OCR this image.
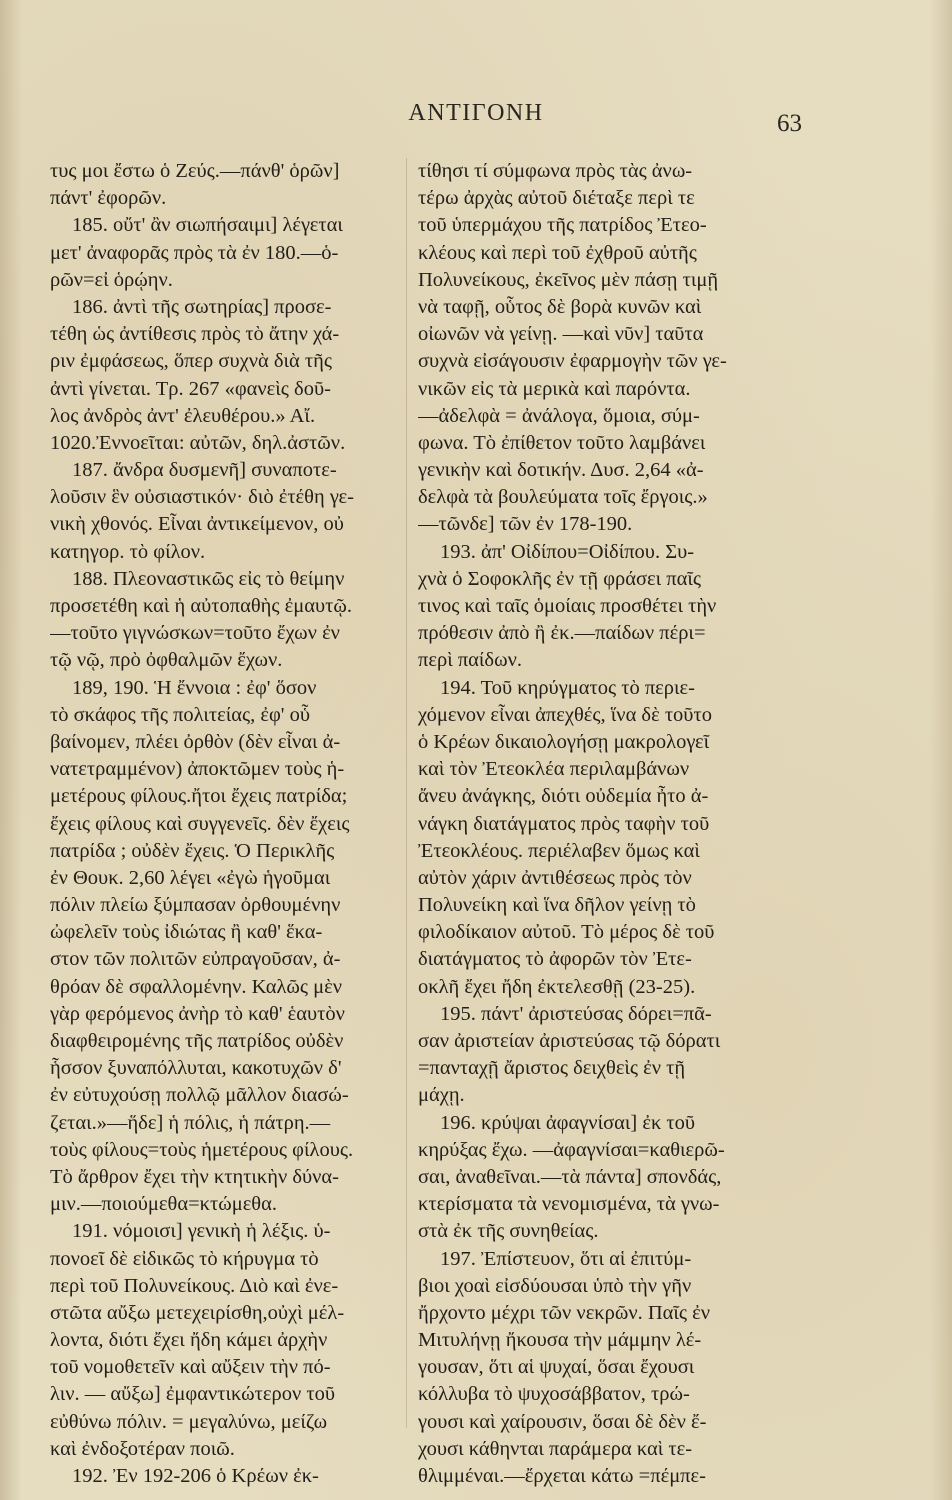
ΑΝΤΙΓΟΝΗ	63
τυς μοι ἔστω ὁ Ζεύς.—πάνθ' ὁρῶν]
πάντ' ἐφορῶν.
185. οὔτ' ἂν σιωπήσαιμι] λέγεται
μετ' ἀναφορᾶς πρὸς τὰ ἐν 180.—ὁ-
ρῶν=εἰ ὁρῴην.
186. ἀντὶ τῆς σωτηρίας] προσε-
τέθη ὡς ἀντίθεσις πρὸς τὸ ἄτην χά-
ριν ἐμφάσεως, ὅπερ συχνὰ διὰ τῆς
ἀντὶ γίνεται. Τρ. 267 «φανεὶς δοῦ-
λος ἀνδρὸς ἀντ' ἐλευθέρου.» Αἴ.
1020.Ἐννοεῖται: αὐτῶν, δηλ.ἀστῶν.
187. ἄνδρα δυσμενῆ] συναποτε-
λοῦσιν ἓν οὐσιαστικόν· διὸ ἐτέθη γε-
νικὴ χθονός. Εἶναι ἀντικείμενον, οὐ
κατηγορ. τὸ φίλον.
188. Πλεοναστικῶς εἰς τὸ θείμην
προσετέθη καὶ ἡ αὐτοπαθὴς ἐμαυτῷ.
—τοῦτο γιγνώσκων=τοῦτο ἔχων ἐν
τῷ νῷ, πρὸ ὀφθαλμῶν ἔχων.
189, 190. Ἡ ἔννοια : ἐφ' ὅσον
τὸ σκάφος τῆς πολιτείας, ἐφ' οὗ
βαίνομεν, πλέει ὀρθὸν (δὲν εἶναι ἀ-
νατετραμμένον) ἀποκτῶμεν τοὺς ἡ-
μετέρους φίλους.ἤτοι ἔχεις πατρίδα;
ἔχεις φίλους καὶ συγγενεῖς. δὲν ἔχεις
πατρίδα ; οὐδὲν ἔχεις. Ὁ Περικλῆς
ἐν Θουκ. 2,60 λέγει «ἐγὼ ἡγοῦμαι
πόλιν πλείω ξύμπασαν ὀρθουμένην
ὠφελεῖν τοὺς ἰδιώτας ἢ καθ' ἕκα-
στον τῶν πολιτῶν εὐπραγοῦσαν, ἀ-
θρόαν δὲ σφαλλομένην. Καλῶς μὲν
γὰρ φερόμενος ἀνὴρ τὸ καθ' ἑαυτὸν
διαφθειρομένης τῆς πατρίδος οὐδὲν
ἧσσον ξυναπόλλυται, κακοτυχῶν δ'
ἐν εὐτυχούσῃ πολλῷ μᾶλλον διασώ-
ζεται.»—ἥδε] ἡ πόλις, ἡ πάτρη.—
τοὺς φίλους=τοὺς ἡμετέρους φίλους.
Τὸ ἄρθρον ἔχει τὴν κτητικὴν δύνα-
μιν.—ποιούμεθα=κτώμεθα.
191. νόμοισι] γενικὴ ἡ λέξις. ὑ-
πονοεῖ δὲ εἰδικῶς τὸ κήρυγμα τὸ
περὶ τοῦ Πολυνείκους. Διὸ καὶ ἐνε-
στῶτα αὔξω μετεχειρίσθη,οὐχὶ μέλ-
λοντα, διότι ἔχει ἤδη κάμει ἀρχὴν
τοῦ νομοθετεῖν καὶ αὔξειν τὴν πό-
λιν. — αὔξω] ἐμφαντικώτερον τοῦ
εὐθύνω πόλιν. = μεγαλύνω, μείζω
καὶ ἐνδοξοτέραν ποιῶ.
192. Ἐν 192-206 ὁ Κρέων ἐκ-
τίθησι τί σύμφωνα πρὸς τὰς ἀνω-
τέρω ἀρχὰς αὐτοῦ διέταξε περὶ τε
τοῦ ὑπερμάχου τῆς πατρίδος Ἐτεο-
κλέους καὶ περὶ τοῦ ἐχθροῦ αὐτῆς
Πολυνείκους, ἐκεῖνος μὲν πάσῃ τιμῇ
νὰ ταφῇ, οὗτος δὲ βορὰ κυνῶν καὶ
οἰωνῶν νὰ γείνῃ. —καὶ νῦν] ταῦτα
συχνὰ εἰσάγουσιν ἐφαρμογὴν τῶν γε-
νικῶν εἰς τὰ μερικὰ καὶ παρόντα.
—ἀδελφὰ = ἀνάλογα, ὅμοια, σύμ-
φωνα. Τὸ ἐπίθετον τοῦτο λαμβάνει
γενικὴν καὶ δοτικήν. Δυσ. 2,64 «ἀ-
δελφὰ τὰ βουλεύματα τοῖς ἔργοις.»
—τῶνδε] τῶν ἐν 178-190.
193. ἀπ' Οἰδίπου=Οἰδίπου. Συ-
χνὰ ὁ Σοφοκλῆς ἐν τῇ φράσει παῖς
τινος καὶ ταῖς ὁμοίαις προσθέτει τὴν
πρόθεσιν ἀπὸ ἢ ἐκ.—παίδων πέρι=
περὶ παίδων.
194. Τοῦ κηρύγματος τὸ περιε-
χόμενον εἶναι ἀπεχθές, ἵνα δὲ τοῦτο
ὁ Κρέων δικαιολογήσῃ μακρολογεῖ
καὶ τὸν Ἐτεοκλέα περιλαμβάνων
ἄνευ ἀνάγκης, διότι οὐδεμία ἦτο ἀ-
νάγκη διατάγματος πρὸς ταφὴν τοῦ
Ἐτεοκλέους. περιέλαβεν ὅμως καὶ
αὐτὸν χάριν ἀντιθέσεως πρὸς τὸν
Πολυνείκη καὶ ἵνα δῆλον γείνῃ τὸ
φιλοδίκαιον αὐτοῦ. Τὸ μέρος δὲ τοῦ
διατάγματος τὸ ἀφορῶν τὸν Ἐτε-
οκλῆ ἔχει ἤδη ἐκτελεσθῇ (23-25).
195. πάντ' ἀριστεύσας δόρει=πᾶ-
σαν ἀριστείαν ἀριστεύσας τῷ δόρατι
=πανταχῇ ἄριστος δειχθεὶς ἐν τῇ
μάχῃ.
196. κρύψαι ἀφαγνίσαι] ἐκ τοῦ
κηρύξας ἔχω. —ἀφαγνίσαι=καθιερῶ-
σαι, ἀναθεῖναι.—τὰ πάντα] σπονδάς,
κτερίσματα τὰ νενομισμένα, τὰ γνω-
στὰ ἐκ τῆς συνηθείας.
197. Ἐπίστευον, ὅτι αἱ ἐπιτύμ-
βιοι χοαὶ εἰσδύουσαι ὑπὸ τὴν γῆν
ἤρχοντο μέχρι τῶν νεκρῶν. Παῖς ἐν
Μιτυλήνῃ ἤκουσα τὴν μάμμην λέ-
γουσαν, ὅτι αἱ ψυχαί, ὅσαι ἔχουσι
κόλλυβα τὸ ψυχοσάββατον, τρώ-
γουσι καὶ χαίρουσιν, ὅσαι δὲ δὲν ἔ-
χουσι κάθηνται παράμερα καὶ τε-
θλιμμέναι.—ἔρχεται κάτω =πέμπε-
